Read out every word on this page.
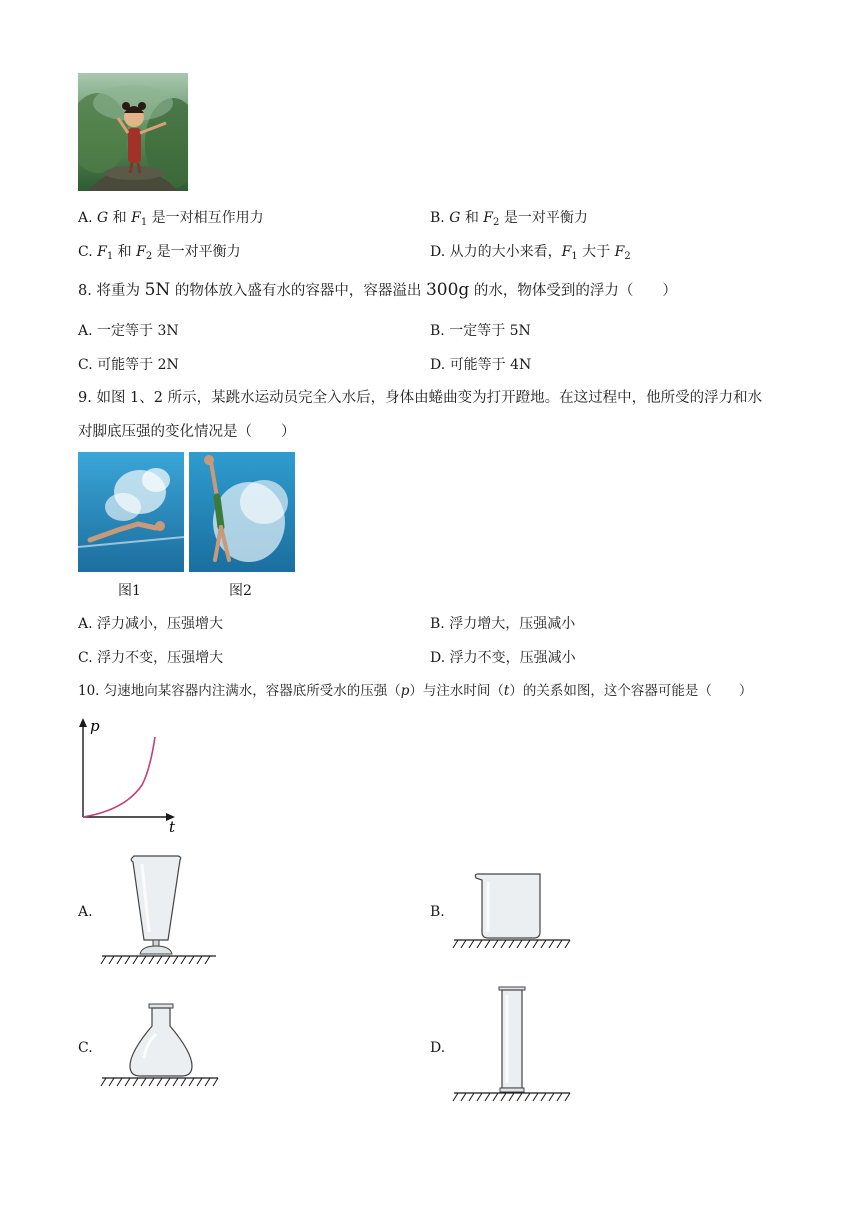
A. G 和 $F_1$ 是一对相互作用力	B. G 和 $F_2$ 是一对平衡力
C. $F_1$ 和 $F_2$ 是一对平衡力	D. 从力的大小来看，$F_1$ 大于 $F_2$
8. 将重为 5N 的物体放入盛有水的容器中，容器溢出 300g 的水，物体受到的浮力（　　）
A. 一定等于 3N	B. 一定等于 5N
C. 可能等于 2N	D. 可能等于 4N
9. 如图 1、2 所示，某跳水运动员完全入水后，身体由蜷曲变为打开蹬地。在这过程中，他所受的浮力和水
对脚底压强的变化情况是（　　）
图1	图2
A. 浮力减小，压强增大	B. 浮力增大，压强减小
C. 浮力不变，压强增大	D. 浮力不变，压强减小
10. 匀速地向某容器内注满水，容器底所受水的压强（p）与注水时间（t）的关系如图，这个容器可能是（　　）
p
t
A.	B.
C.	D.
